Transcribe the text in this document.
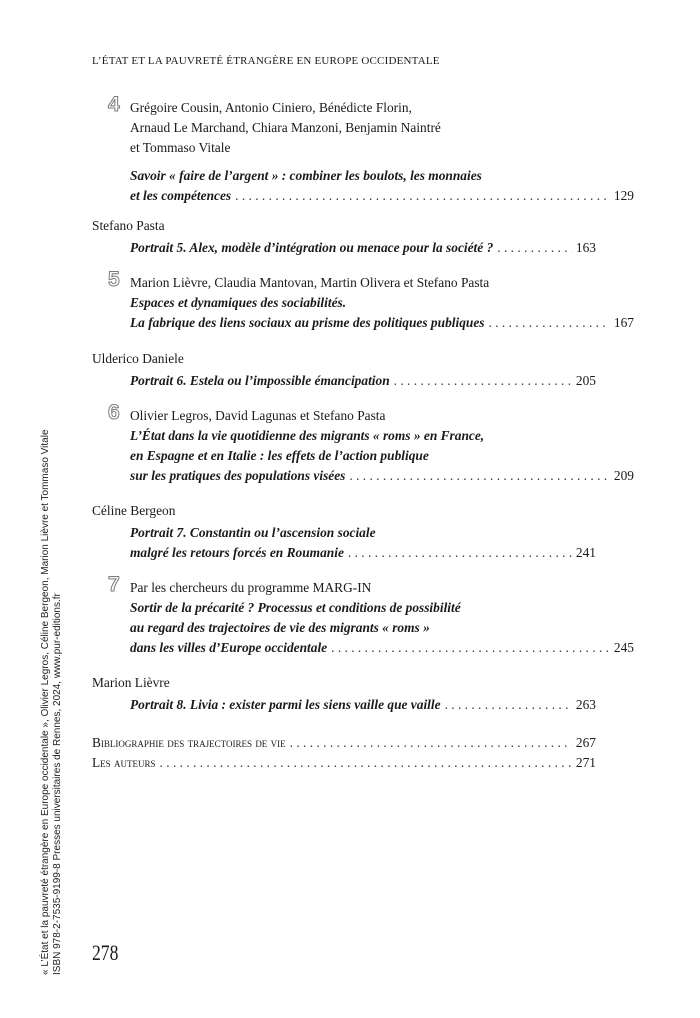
L’ÉTAT ET LA PAUVRETÉ ÉTRANGÈRE EN EUROPE OCCIDENTALE
4 Grégoire Cousin, Antonio Ciniero, Bénédicte Florin,
Arnaud Le Marchand, Chiara Manzoni, Benjamin Naintré
et Tommaso Vitale
Savoir « faire de l’argent » : combiner les boulots, les monnaies
et les compétences . . .	129
Stefano Pasta
Portrait 5. Alex, modèle d’intégration ou menace pour la société ? . . .	163
5 Marion Lièvre, Claudia Mantovan, Martin Olivera et Stefano Pasta
Espaces et dynamiques des sociabilités.
La fabrique des liens sociaux au prisme des politiques publiques . . .	167
Ulderico Daniele
Portrait 6. Estela ou l’impossible émancipation . . .	205
6 Olivier Legros, David Lagunas et Stefano Pasta
L’État dans la vie quotidienne des migrants « roms » en France,
en Espagne et en Italie : les effets de l’action publique
sur les pratiques des populations visées . . .	209
Céline Bergeon
Portrait 7. Constantin ou l’ascension sociale
malgré les retours forcés en Roumanie . . .	241
7 Par les chercheurs du programme MARG-IN
Sortir de la précarité ? Processus et conditions de possibilité
au regard des trajectoires de vie des migrants « roms »
dans les villes d’Europe occidentale . . .	245
Marion Lièvre
Portrait 8. Livia : exister parmi les siens vaille que vaille . . .	263
Bibliographie des trajectoires de vie . . .	267
Les auteurs . . .	271
« L’État et la pauvreté étrangère en Europe occidentale », Olivier Legros, Céline Bergeon, Marion Lièvre et Tommaso Vitale ISBN 978-2-7535-9199-8 Presses universitaires de Rennes, 2024, www.pur-editions.fr 278
